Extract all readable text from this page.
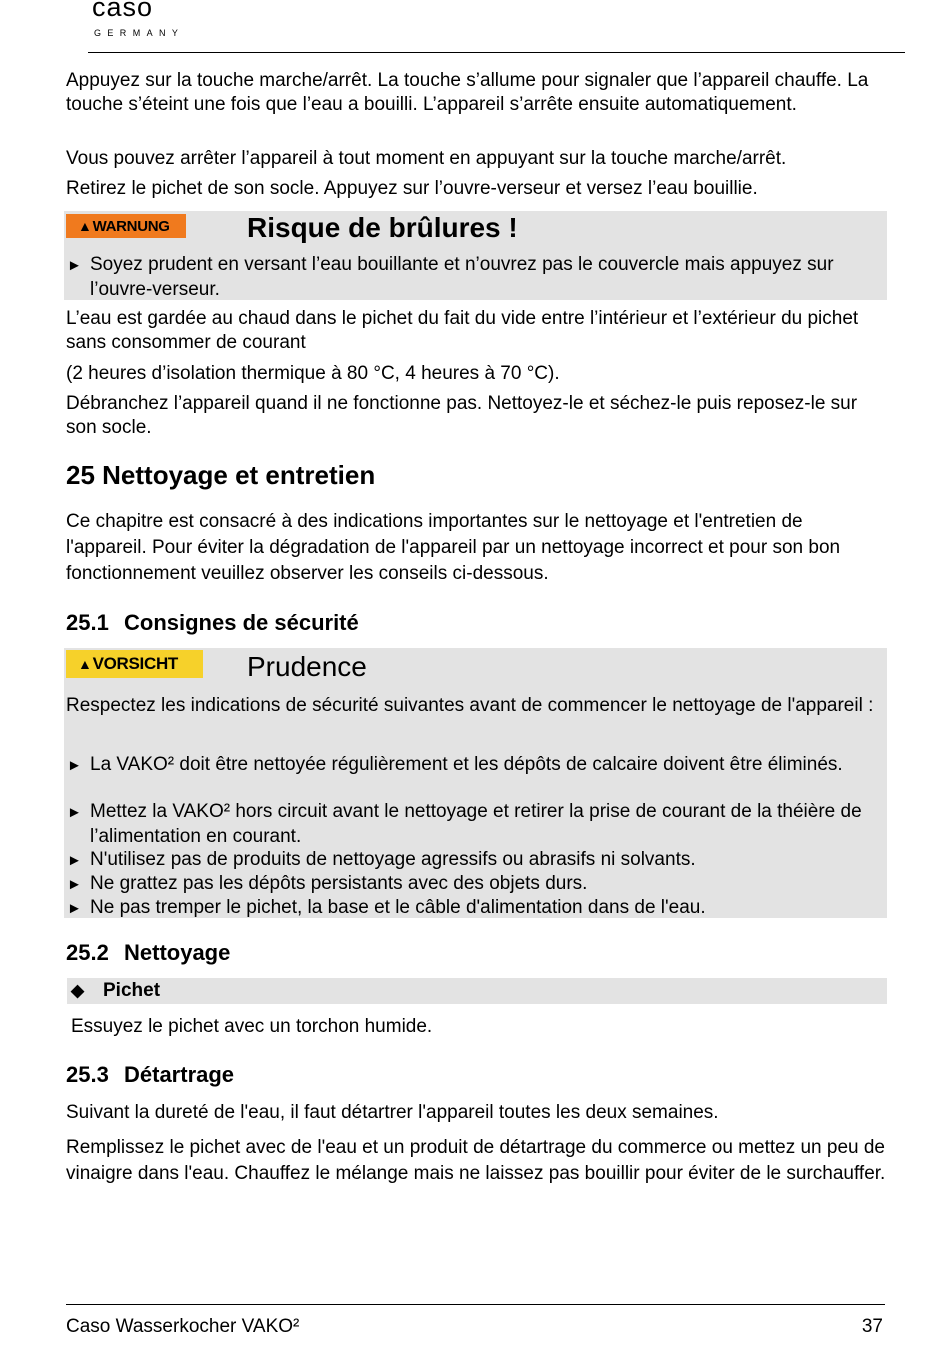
caso
GERMANY

Appuyez sur la touche marche/arrêt. La touche s’allume pour signaler que l’appareil chauffe. La touche s’éteint une fois que l’eau a bouilli. L’appareil s’arrête ensuite automatiquement.

Vous pouvez arrêter l’appareil à tout moment en appuyant sur la touche marche/arrêt.

Retirez le pichet de son socle. Appuyez sur l’ouvre-verseur et versez l’eau bouillie.

▲WARNUNG	Risque de brûlures !
► Soyez prudent en versant l’eau bouillante et n’ouvrez pas le couvercle mais appuyez sur l’ouvre-verseur.

L’eau est gardée au chaud dans le pichet du fait du vide entre l’intérieur et l’extérieur du pichet sans consommer de courant

(2 heures d’isolation thermique à 80 °C, 4 heures à 70 °C).

Débranchez l’appareil quand il ne fonctionne pas. Nettoyez-le et séchez-le puis reposez-le sur son socle.

25 Nettoyage et entretien

Ce chapitre est consacré à des indications importantes sur le nettoyage et l'entretien de l'appareil. Pour éviter la dégradation de l'appareil par un nettoyage incorrect et pour son bon fonctionnement veuillez observer les conseils ci-dessous.

25.1 Consignes de sécurité
▲VORSICHT	Prudence

Respectez les indications de sécurité suivantes avant de commencer le nettoyage de l'appareil :

► La VAKO² doit être nettoyée régulièrement et les dépôts de calcaire doivent être éliminés.
► Mettez la VAKO² hors circuit avant le nettoyage et retirer la prise de courant de la théière de l’alimentation en courant.
► N'utilisez pas de produits de nettoyage agressifs ou abrasifs ni solvants.
► Ne grattez pas les dépôts persistants avec des objets durs.
► Ne pas tremper le pichet, la base et le câble d'alimentation dans de l'eau.
25.2 Nettoyage
◆ Pichet

Essuyez le pichet avec un torchon humide.

25.3 Détartrage

Suivant la dureté de l'eau, il faut détartrer l'appareil toutes les deux semaines.

Remplissez le pichet avec de l'eau et un produit de détartrage du commerce ou mettez un peu de vinaigre dans l'eau. Chauffez le mélange mais ne laissez pas bouillir pour éviter de le surchauffer.

Caso Wasserkocher VAKO²	37
